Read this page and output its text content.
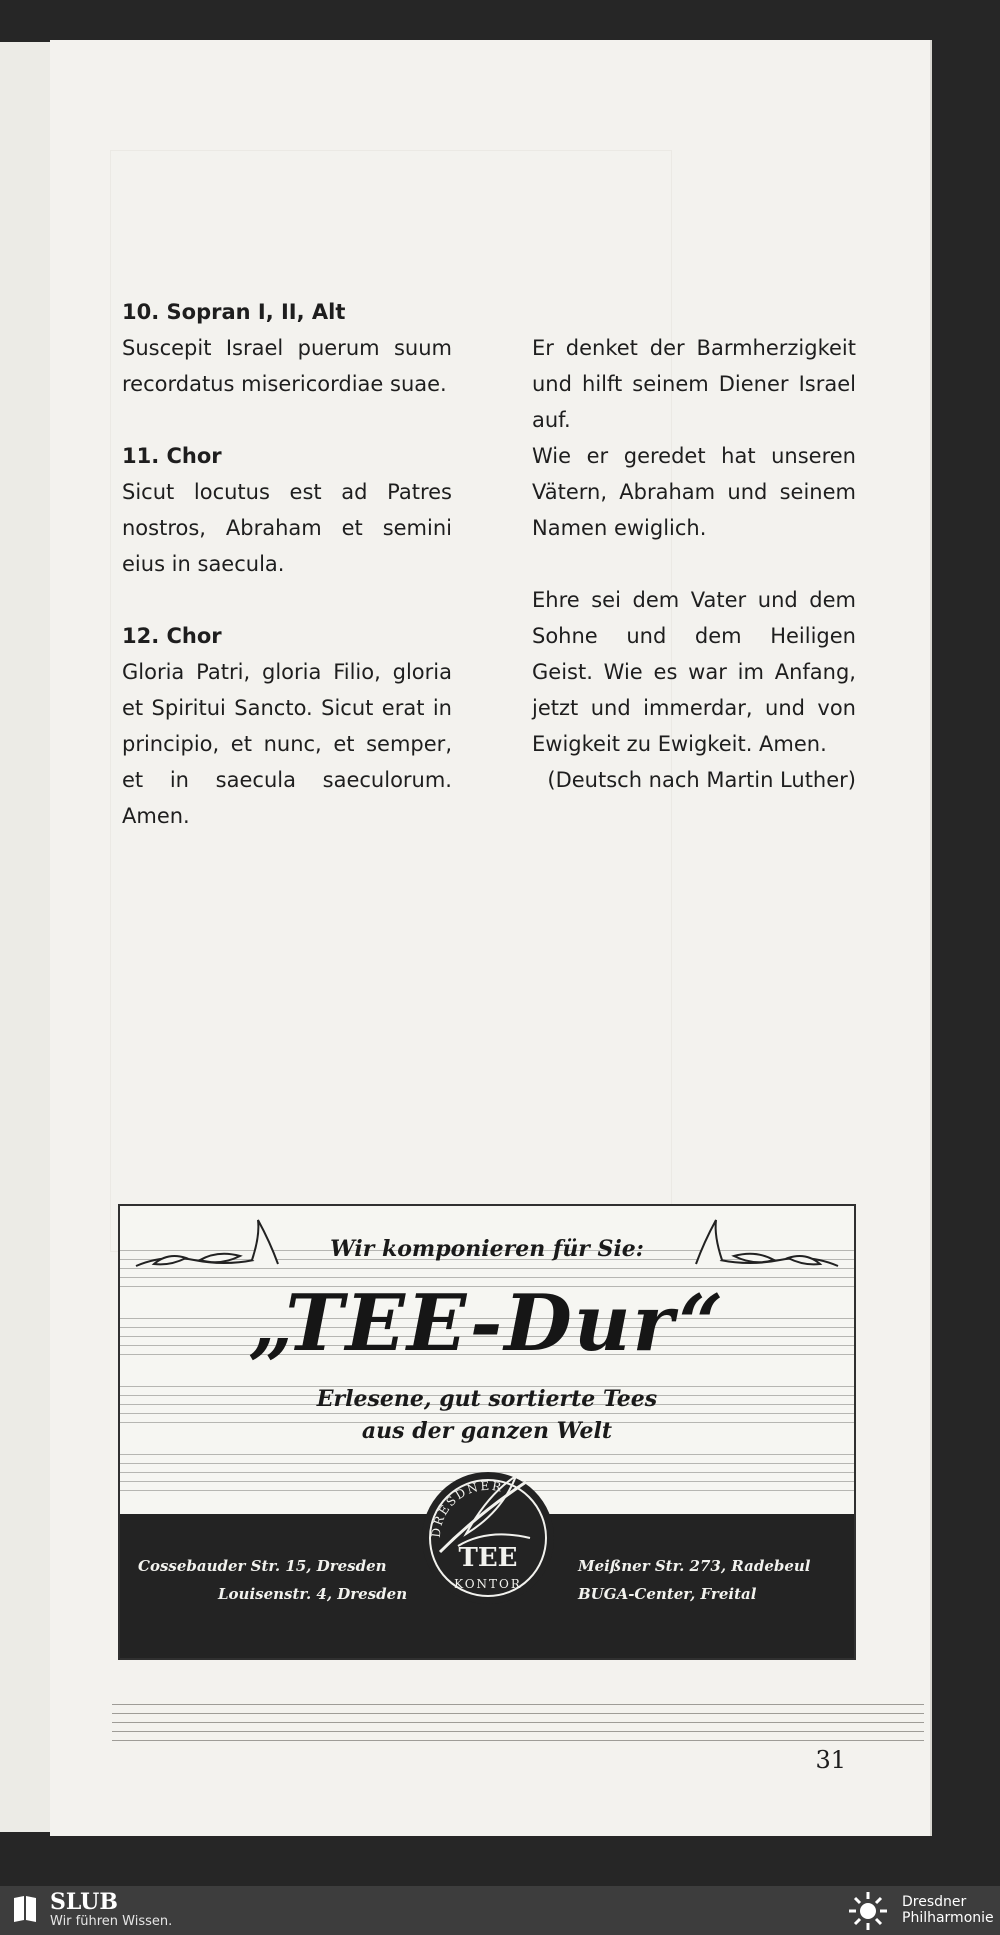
10. Sopran I, II, Alt

Suscepit Israel puerum suum recordatus misericordiae suae.

11. Chor

Sicut locutus est ad Patres nostros, Abraham et semini eius in saecula.

12. Chor

Gloria Patri, gloria Filio, gloria et Spiritui Sancto. Sicut erat in principio, et nunc, et semper, et in saecula saeculorum. Amen.

Er denket der Barmherzigkeit und hilft seinem Diener Israel auf.

Wie er geredet hat unseren Vätern, Abraham und seinem Namen ewiglich.

Ehre sei dem Vater und dem Sohne und dem Heiligen Geist. Wie es war im Anfang, jetzt und immerdar, und von Ewigkeit zu Ewigkeit. Amen.

(Deutsch nach Martin Luther)

Wir komponieren für Sie:
„TEE-Dur“
Erlesene, gut sortierte Tees
aus der ganzen Welt
Cossebauder Str. 15, Dresden
Louisenstr. 4, Dresden
Meißner Str. 273, Radebeul
BUGA-Center, Freital
DRESDNER
TEE
KONTOR
31
SLUB
Wir führen Wissen.
Dresdner
Philharmonie
